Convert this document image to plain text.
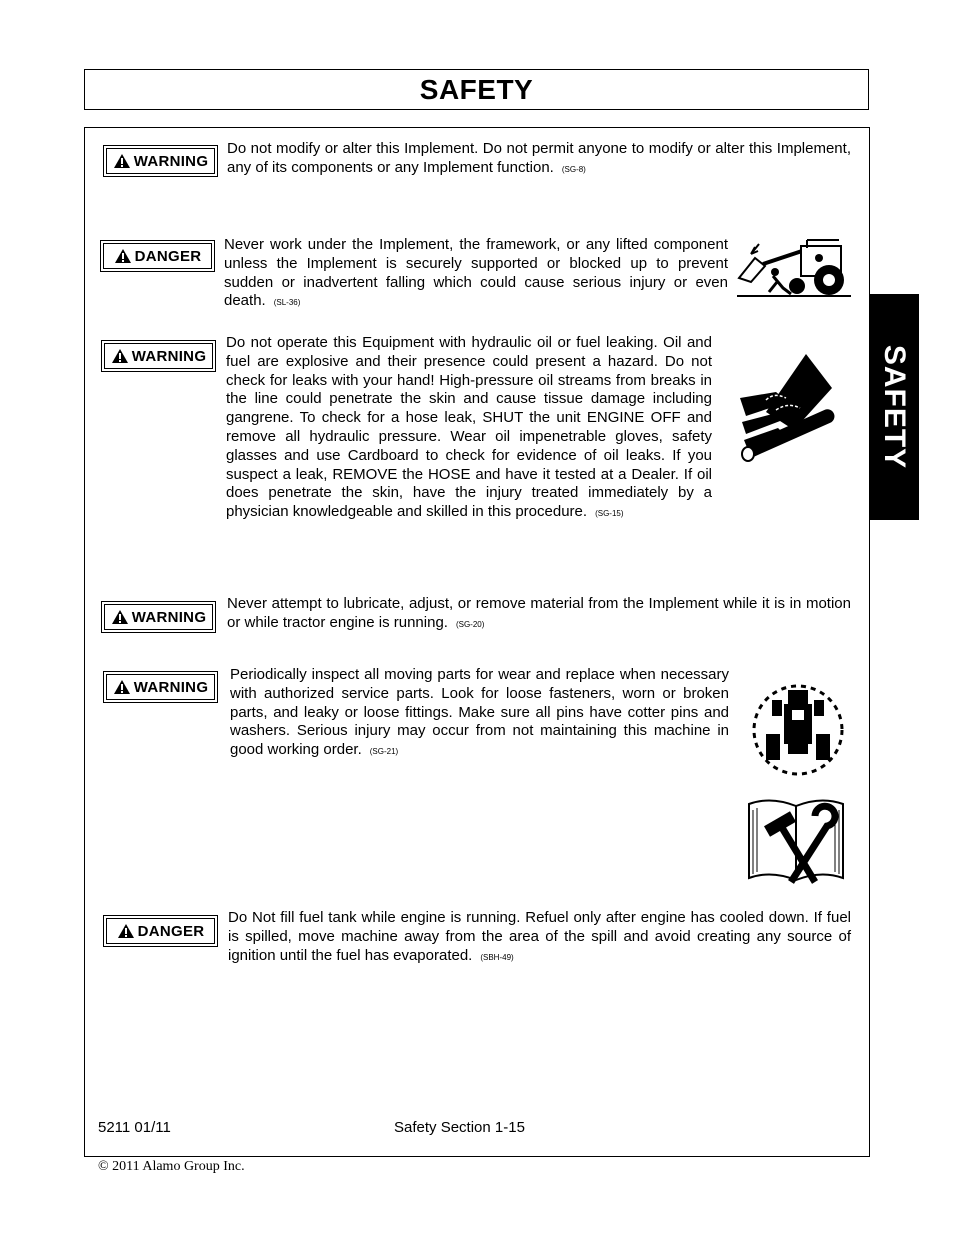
SAFETY
SAFETY
WARNING
Do not modify or alter this Implement. Do not permit anyone to modify or alter this Implement, any of its components or any Implement function. (SG-8)
DANGER
Never work under the Implement, the framework, or any lifted component unless the Implement is securely supported or blocked up to prevent sudden or inadvertent falling which could cause serious injury or even death. (SL-36)
WARNING
Do not operate this Equipment with hydraulic oil or fuel leaking. Oil and fuel are explosive and their presence could present a hazard. Do not check for leaks with your hand! High-pressure oil streams from breaks in the line could penetrate the skin and cause tissue damage including gangrene. To check for a hose leak, SHUT the unit ENGINE OFF and remove all hydraulic pressure. Wear oil impenetrable gloves, safety glasses and use Cardboard to check for evidence of oil leaks. If you suspect a leak, REMOVE the HOSE and have it tested at a Dealer. If oil does penetrate the skin, have the injury treated immediately by a physician knowledgeable and skilled in this procedure. (SG-15)
WARNING
Never attempt to lubricate, adjust, or remove material from the Implement while it is in motion or while tractor engine is running. (SG-20)
WARNING
Periodically inspect all moving parts for wear and replace when necessary with authorized service parts. Look for loose fasteners, worn or broken parts, and leaky or loose fittings. Make sure all pins have cotter pins and washers. Serious injury may occur from not maintaining this machine in good working order. (SG-21)
DANGER
Do Not fill fuel tank while engine is running. Refuel only after engine has cooled down. If fuel is spilled, move machine away from the area of the spill and avoid creating any source of ignition until the fuel has evaporated. (SBH-49)
5211 01/11	Safety Section 1-15
© 2011 Alamo Group Inc.
